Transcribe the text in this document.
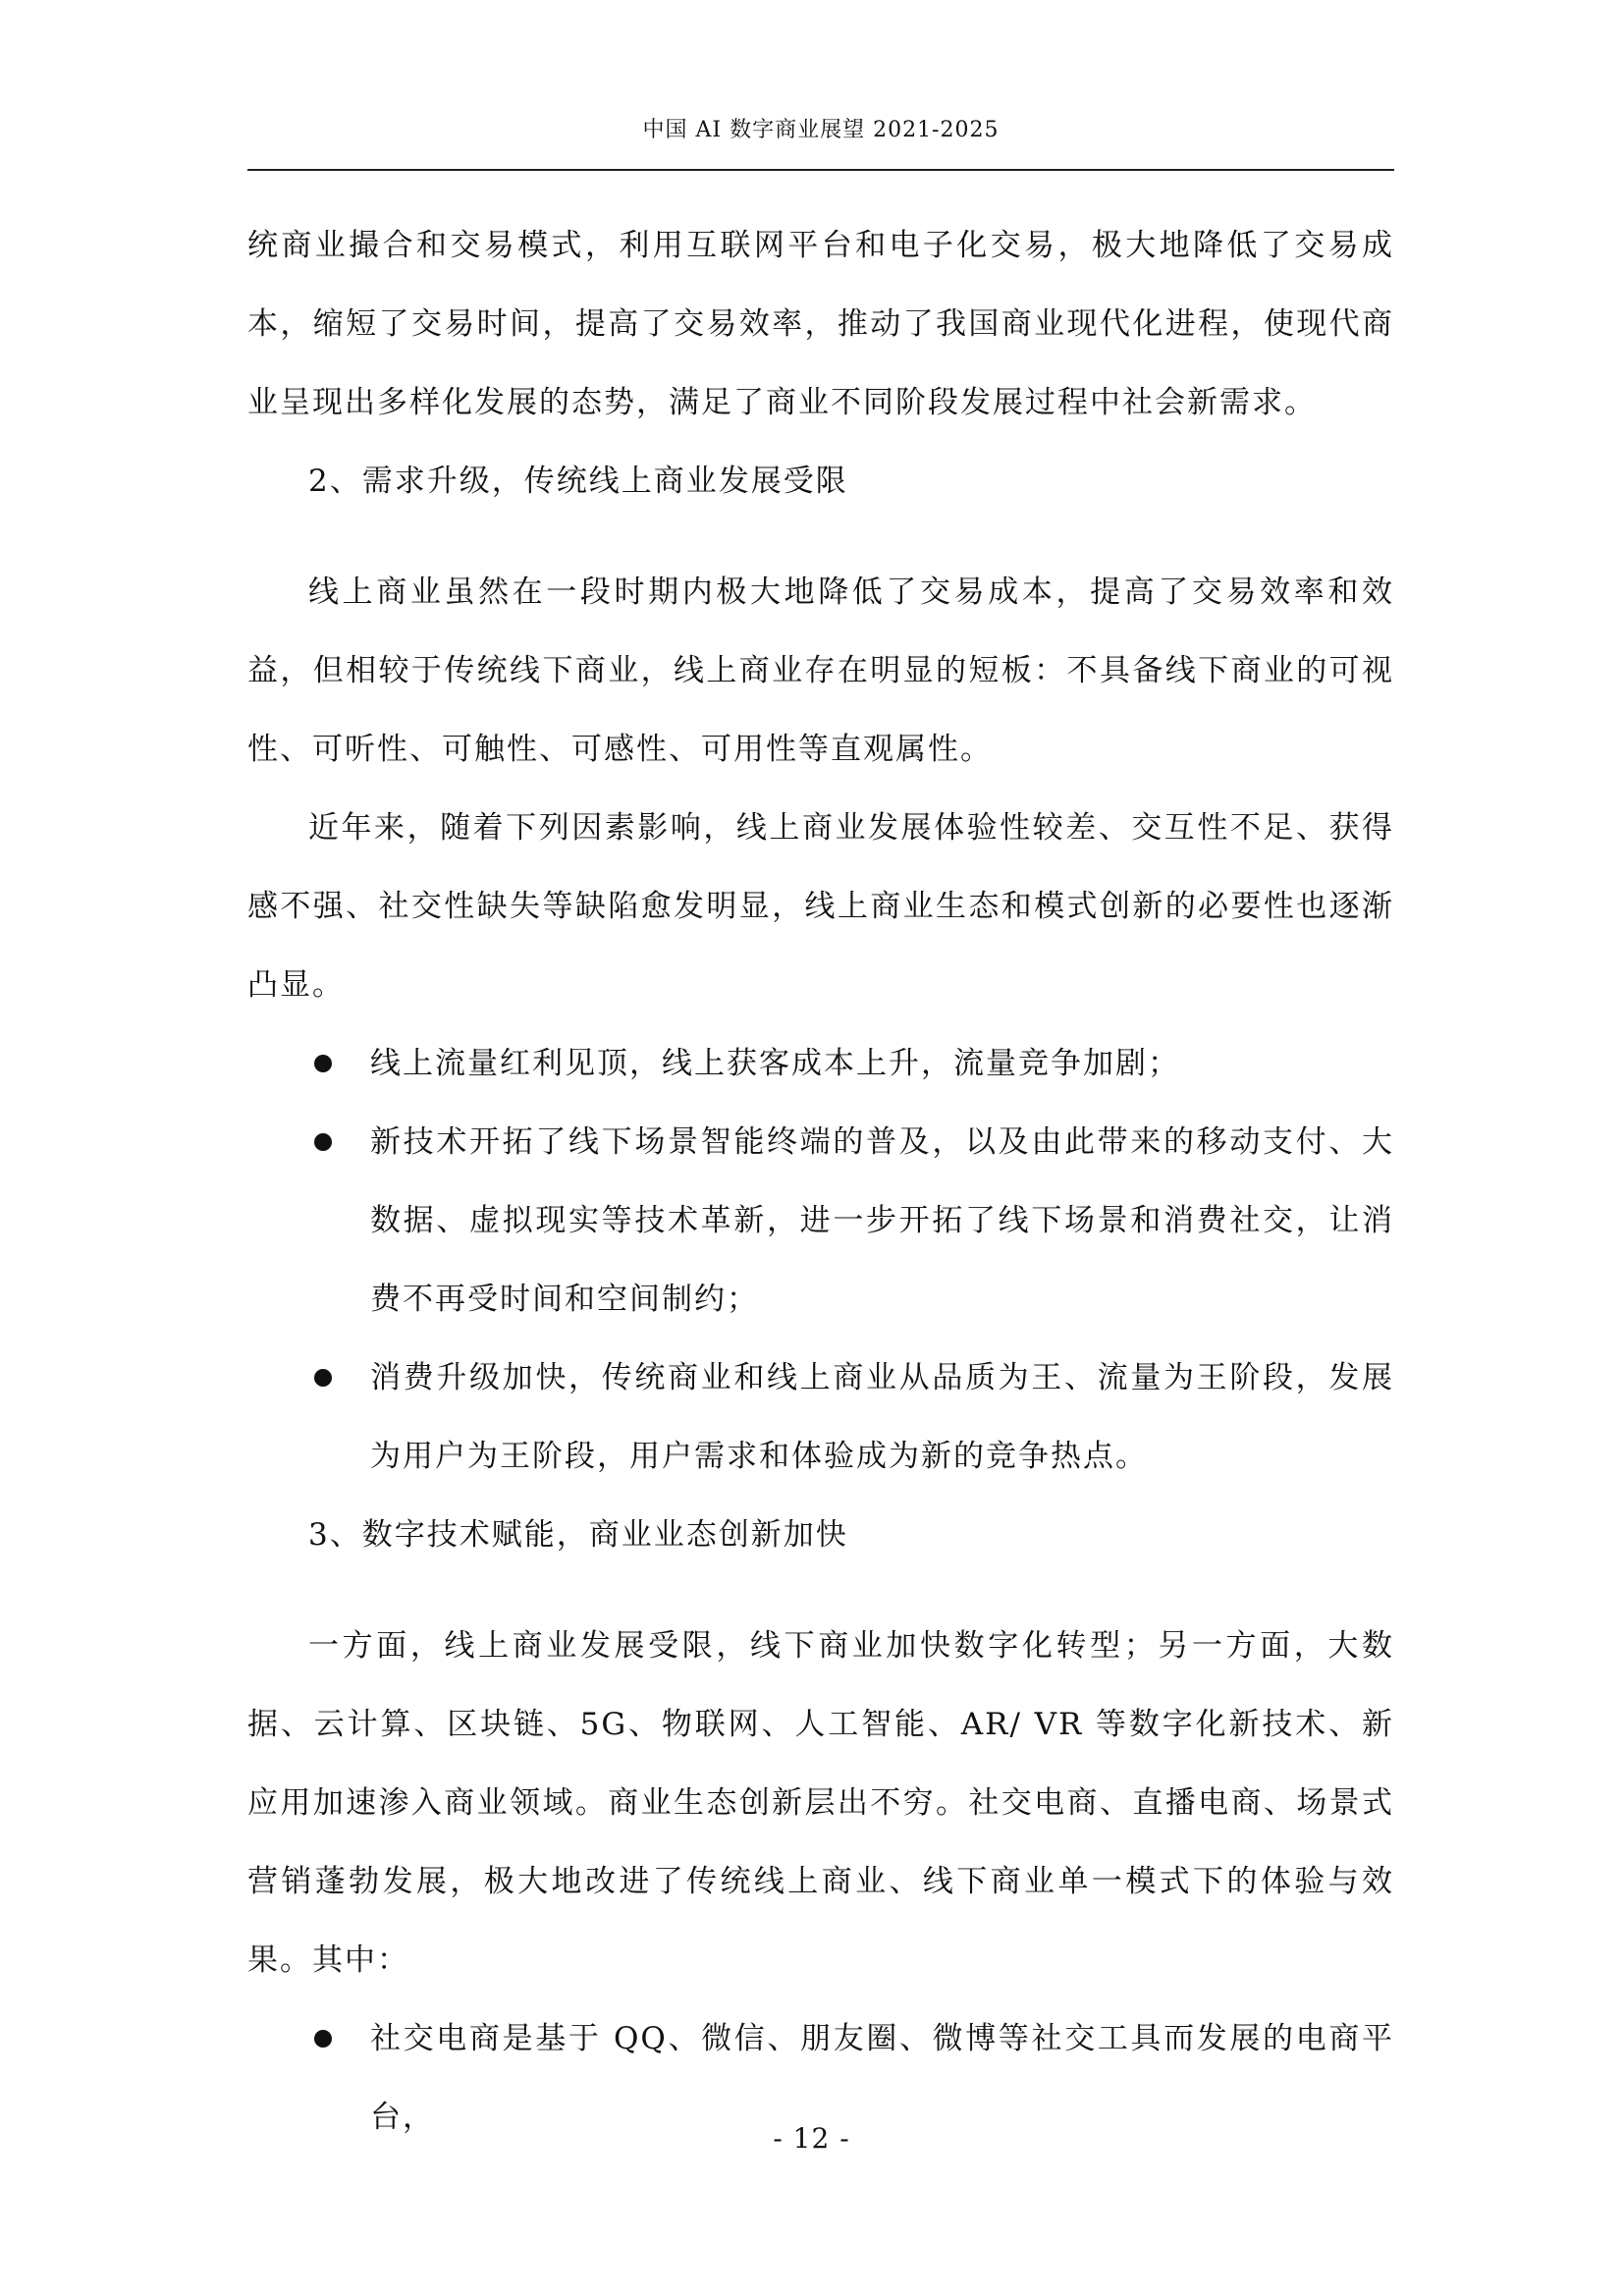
中国 AI 数字商业展望 2021-2025

统商业撮合和交易模式，利用互联网平台和电子化交易，极大地降低了交易成本，缩短了交易时间，提高了交易效率，推动了我国商业现代化进程，使现代商业呈现出多样化发展的态势，满足了商业不同阶段发展过程中社会新需求。

2、需求升级，传统线上商业发展受限

线上商业虽然在一段时期内极大地降低了交易成本，提高了交易效率和效益，但相较于传统线下商业，线上商业存在明显的短板：不具备线下商业的可视性、可听性、可触性、可感性、可用性等直观属性。

近年来，随着下列因素影响，线上商业发展体验性较差、交互性不足、获得感不强、社交性缺失等缺陷愈发明显，线上商业生态和模式创新的必要性也逐渐凸显。

线上流量红利见顶，线上获客成本上升，流量竞争加剧；

新技术开拓了线下场景智能终端的普及，以及由此带来的移动支付、大数据、虚拟现实等技术革新，进一步开拓了线下场景和消费社交，让消费不再受时间和空间制约；

消费升级加快，传统商业和线上商业从品质为王、流量为王阶段，发展为用户为王阶段，用户需求和体验成为新的竞争热点。

3、数字技术赋能，商业业态创新加快

一方面，线上商业发展受限，线下商业加快数字化转型；另一方面，大数据、云计算、区块链、5G、物联网、人工智能、AR/ VR 等数字化新技术、新应用加速渗入商业领域。商业生态创新层出不穷。社交电商、直播电商、场景式营销蓬勃发展，极大地改进了传统线上商业、线下商业单一模式下的体验与效果。其中：

社交电商是基于 QQ、微信、朋友圈、微博等社交工具而发展的电商平台，

- 12 -
